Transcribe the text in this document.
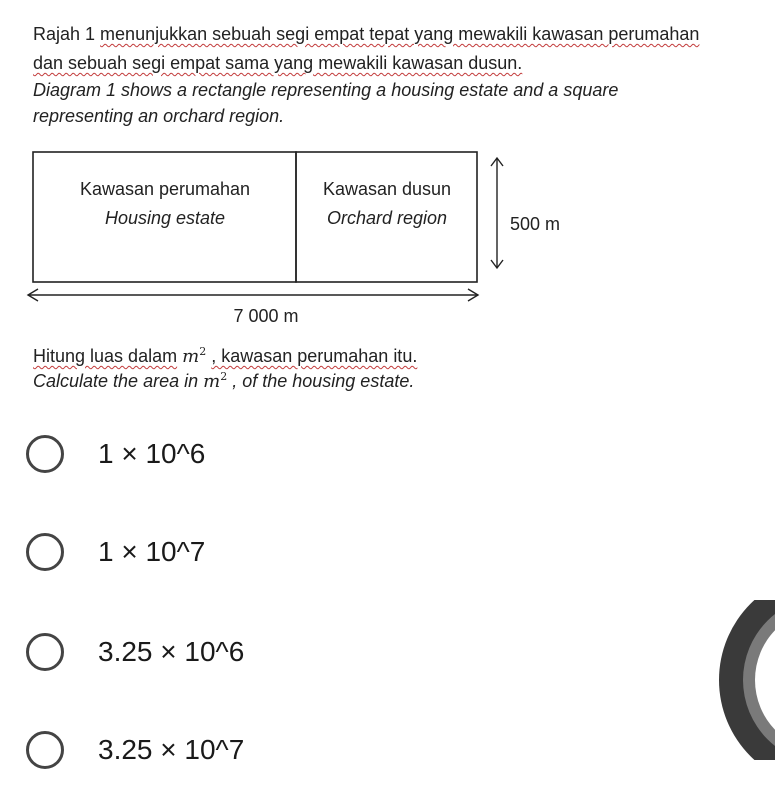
Rajah 1 menunjukkan sebuah segi empat tepat yang mewakili kawasan perumahan

dan sebuah segi empat sama yang mewakili kawasan dusun.

Diagram 1 shows a rectangle representing a housing estate and a square

representing an orchard region.

Kawasan perumahan
Housing estate
Kawasan dusun
Orchard region	500 m
7 000 m

Hitung luas dalam $m^2$ , kawasan perumahan itu.

Calculate the area in $m^2$ , of the housing estate.

1 × 10^6
1 × 10^7
3.25 × 10^6
3.25 × 10^7
